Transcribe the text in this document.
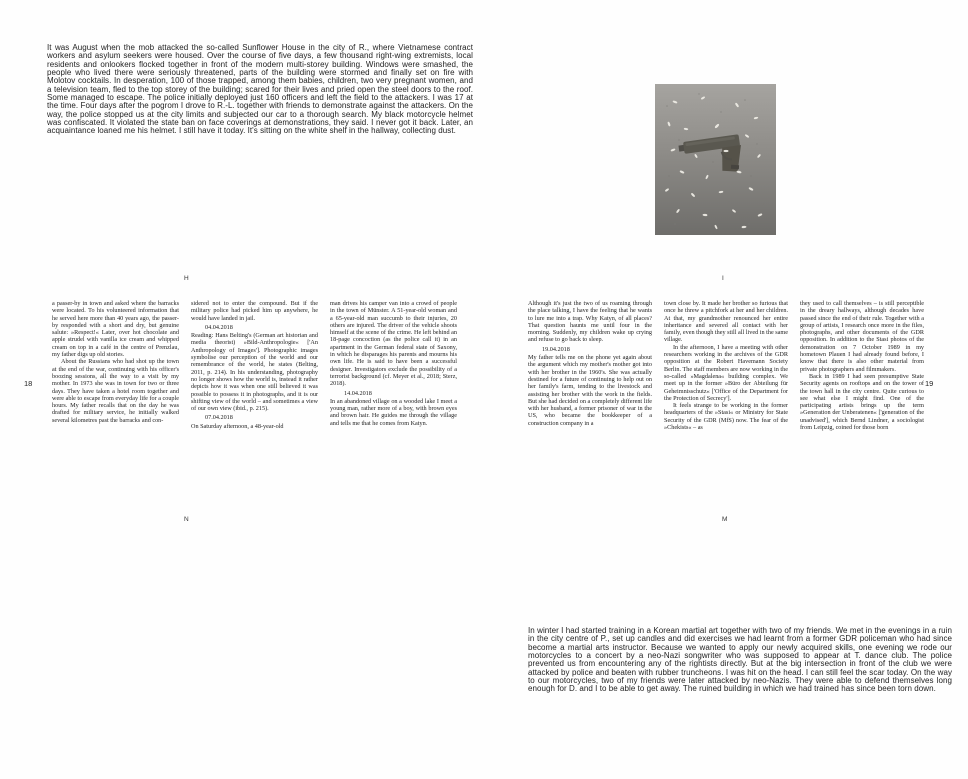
It was August when the mob attacked the so-called Sunflower House in the city of R., where Vietnamese contract workers and asylum seekers were housed. Over the course of five days, a few thousand right-wing extremists, local residents and onlookers flocked together in front of the modern multi-storey building. Windows were smashed, the people who lived there were seriously threatened, parts of the building were stormed and finally set on fire with Molotov cocktails. In desperation, 100 of those trapped, among them babies, children, two very pregnant women, and a television team, fled to the top storey of the building; scared for their lives and pried open the steel doors to the roof. Some managed to escape. The police initially deployed just 160 officers and left the field to the attackers. I was 17 at the time. Four days after the pogrom I drove to R.-L. together with friends to demonstrate against the attackers. On the way, the police stopped us at the city limits and subjected our car to a thorough search. My black motorcycle helmet was confiscated. It violated the state ban on face coverings at demonstrations, they said. I never got it back. Later, an acquaintance loaned me his helmet. I still have it today. It's sitting on the white shelf in the hallway, collecting dust.

H	I
N	M
18	19

a passer-by in town and asked where the barracks were located. To his volunteered information that he served here more than 40 years ago, the passer-by responded with a short and dry, but genuine salute: »Respect!« Later, over hot chocolate and apple strudel with vanilla ice cream and whipped cream on top in a café in the centre of Prenzlau, my father digs up old stories.

About the Russians who had shot up the town at the end of the war, continuing with his officer's boozing sessions, all the way to a visit by my mother. In 1973 she was in town for two or three days. They have taken a hotel room together and were able to escape from everyday life for a couple hours. My father recalls that on the day he was drafted for military service, he initially walked several kilometres past the barracks and con-

sidered not to enter the compound. But if the military police had picked him up anywhere, he would have landed in jail.

04.04.2018

Reading: Hans Belting's (German art historian and media theorist) »Bild-Anthropologie« ['An Anthropology of Images']. Photographic images symbolise our perception of the world and our remembrance of the world, he states (Belting, 2011, p. 214). In his understanding, photography no longer shows how the world is, instead it rather depicts how it was when one still believed it was possible to possess it in photographs, and it is our shifting view of the world – and sometimes a view of our own view (ibid., p. 215).

07.04.2018

On Saturday afternoon, a 48-year-old

man drives his camper van into a crowd of people in the town of Münster. A 51-year-old woman and a 65-year-old man succumb to their injuries, 20 others are injured. The driver of the vehicle shoots himself at the scene of the crime. He left behind an 18-page concoction (as the police call it) in an apartment in the German federal state of Saxony, in which he disparages his parents and mourns his own life. He is said to have been a successful designer. Investigators exclude the possibility of a terrorist background (cf. Meyer et al., 2018; Sterz, 2018).

14.04.2018

In an abandoned village on a wooded lake I meet a young man, rather more of a boy, with brown eyes and brown hair. He guides me through the village and tells me that he comes from Katyn.

Although it's just the two of us roaming through the place talking, I have the feeling that he wants to lure me into a trap. Why Katyn, of all places? That question haunts me until four in the morning. Suddenly, my children wake up crying and refuse to go back to sleep.

19.04.2018

My father tells me on the phone yet again about the argument which my mother's mother got into with her brother in the 1960's. She was actually destined for a future of continuing to help out on her family's farm, tending to the livestock and assisting her brother with the work in the fields. But she had decided on a completely different life with her husband, a former prisoner of war in the US, who became the bookkeeper of a construction company in a

town close by. It made her brother so furious that once he threw a pitchfork at her and her children. At that, my grandmother renounced her entire inheritance and severed all contact with her family, even though they still all lived in the same village.

In the afternoon, I have a meeting with other researchers working in the archives of the GDR opposition at the Robert Havemann Society Berlin. The staff members are now working in the so-called »Magdalena« building complex. We meet up in the former »Büro der Abteilung für Geheimnisschutz« ['Office of the Department for the Protection of Secrecy'].

It feels strange to be working in the former headquarters of the »Stasi« or Ministry for State Security of the GDR (MfS) now. The fear of the »Chekists« – as

they used to call themselves – is still perceptible in the dreary hallways, although decades have passed since the end of their rule. Together with a group of artists, I research once more in the files, photographs, and other documents of the GDR opposition. In addition to the Stasi photos of the demonstration on 7 October 1989 in my hometown Plauen I had already found before, I know that there is also other material from private photographers and filmmakers.

Back in 1989 I had seen presumptive State Security agents on rooftops and on the tower of the town hall in the city centre. Quite curious to see what else I might find. One of the participating artists brings up the term »Generation der Unberatenen« ['generation of the unadvised'], which Bernd Lindner, a sociologist from Leipzig, coined for those born

In winter I had started training in a Korean martial art together with two of my friends. We met in the evenings in a ruin in the city centre of P., set up candles and did exercises we had learnt from a former GDR policeman who had since become a martial arts instructor. Because we wanted to apply our newly acquired skills, one evening we rode our motorcycles to a concert by a neo-Nazi songwriter who was supposed to appear at T. dance club. The police prevented us from encountering any of the rightists directly. But at the big intersection in front of the club we were attacked by police and beaten with rubber truncheons. I was hit on the head. I can still feel the scar today. On the way to our motorcycles, two of my friends were later attacked by neo-Nazis. They were able to defend themselves long enough for D. and I to be able to get away. The ruined building in which we had trained has since been torn down.
